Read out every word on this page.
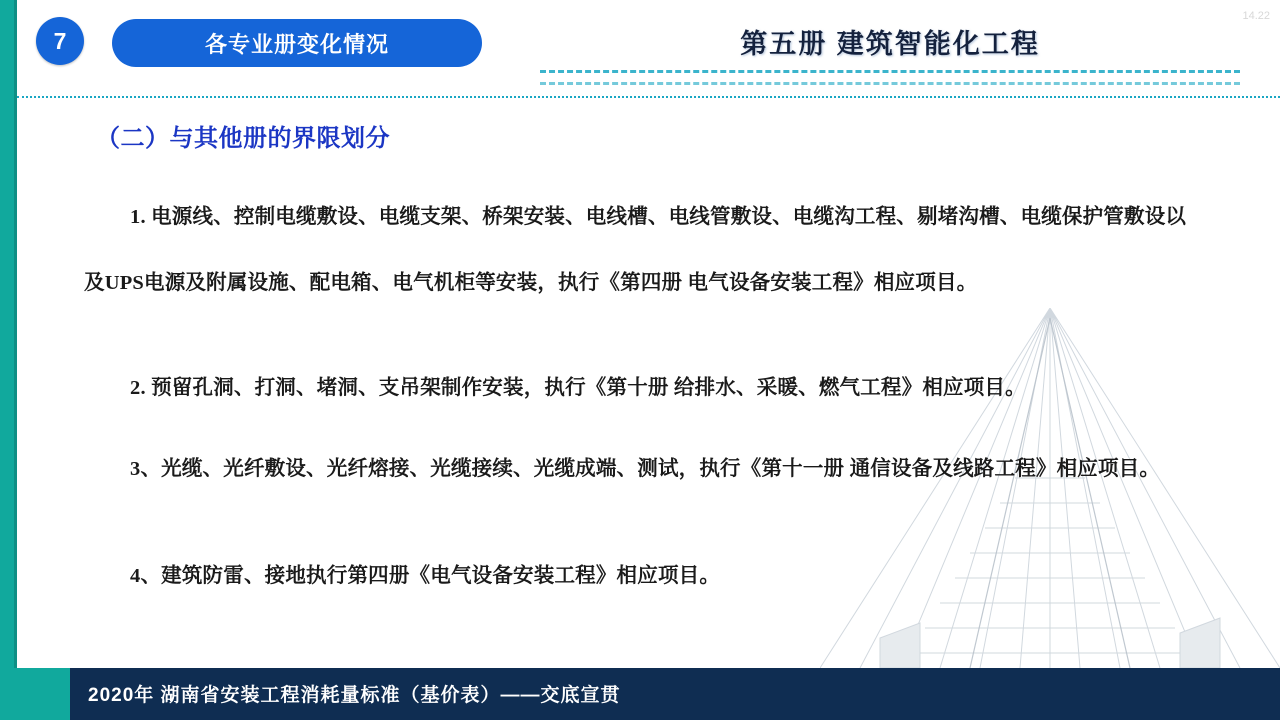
14.22
7	各专业册变化情况	第五册 建筑智能化工程
（二）与其他册的界限划分
1. 电源线、控制电缆敷设、电缆支架、桥架安装、电线槽、电线管敷设、电缆沟工程、剔堵沟槽、电缆保护管敷设以及UPS电源及附属设施、配电箱、电气机柜等安装，执行《第四册 电气设备安装工程》相应项目。
2. 预留孔洞、打洞、堵洞、支吊架制作安装，执行《第十册 给排水、采暖、燃气工程》相应项目。
3、光缆、光纤敷设、光纤熔接、光缆接续、光缆成端、测试，执行《第十一册 通信设备及线路工程》相应项目。
4、建筑防雷、接地执行第四册《电气设备安装工程》相应项目。
2020年 湖南省安装工程消耗量标准（基价表）——交底宣贯
